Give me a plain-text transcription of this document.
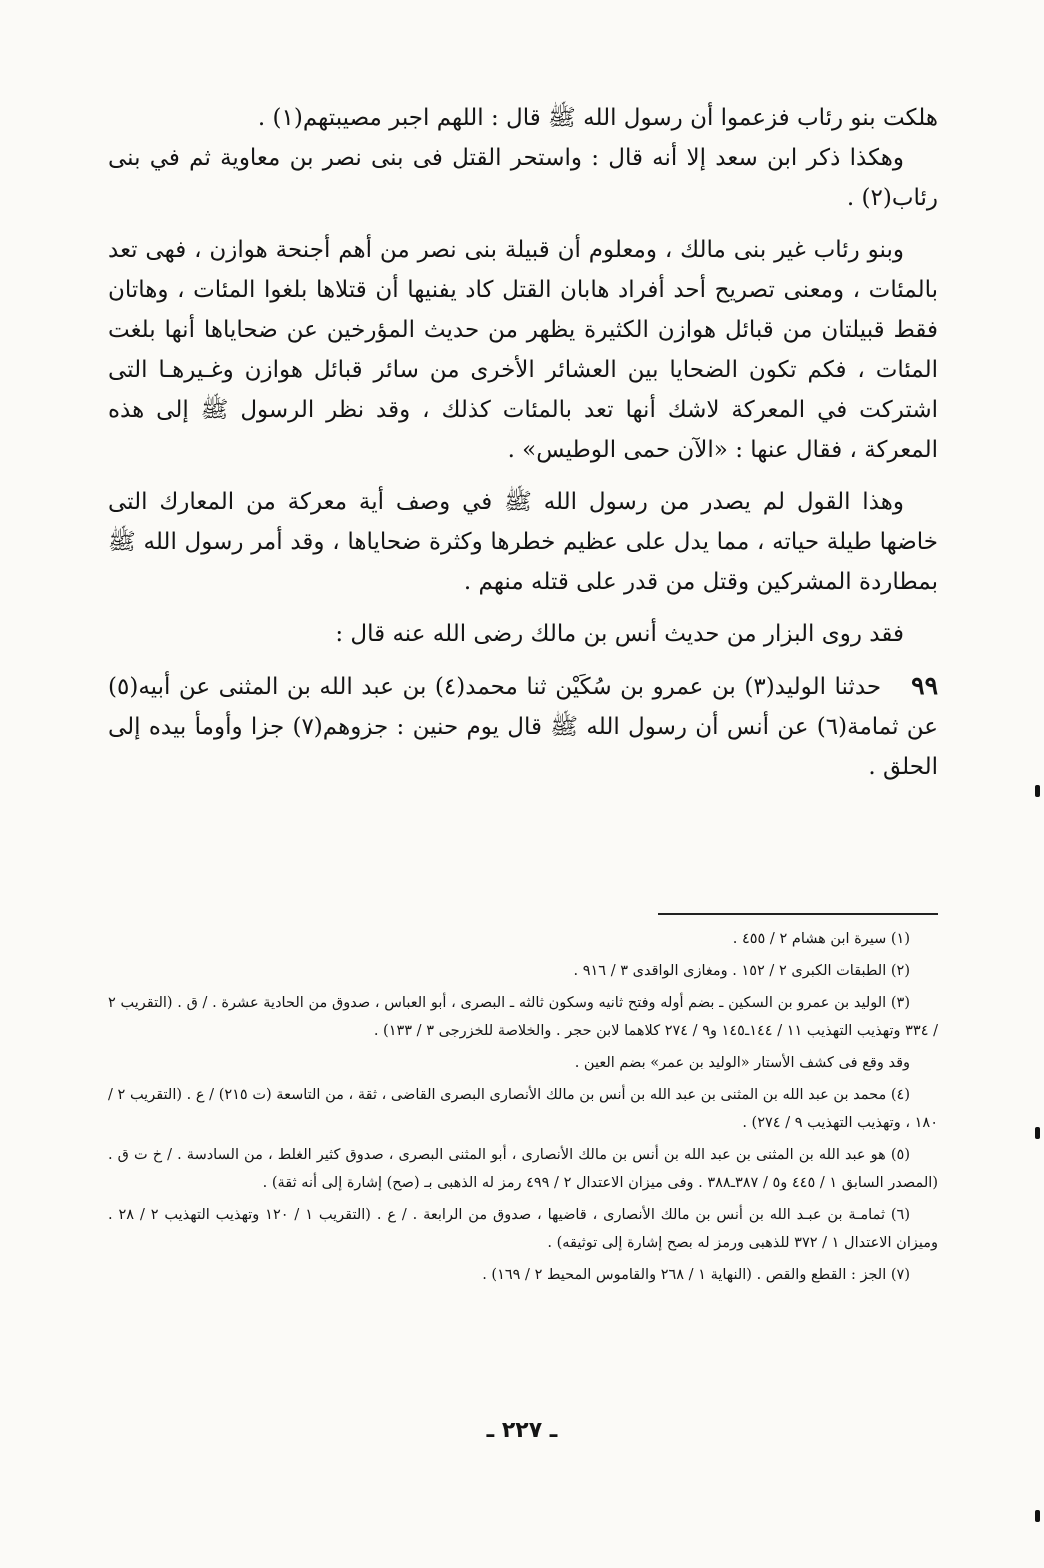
هلكت بنو رئاب فزعموا أن رسول الله ﷺ قال : اللهم اجبر مصيبتهم(١) .

وهكذا ذكر ابن سعد إلا أنه قال : واستحر القتل فى بنى نصر بن معاوية ثم في بنى رئاب(٢) .

وبنو رئاب غير بنى مالك ، ومعلوم أن قبيلة بنى نصر من أهم أجنحة هوازن ، فهى تعد بالمئات ، ومعنى تصريح أحد أفراد هابان القتل كاد يفنيها أن قتلاها بلغوا المئات ، وهاتان فقط قبيلتان من قبائل هوازن الكثيرة يظهر من حديث المؤرخين عن ضحاياها أنها بلغت المئات ، فكم تكون الضحايا بين العشائر الأخرى من سائر قبائل هوازن وغـيرهـا التى اشتركت في المعركة لاشك أنها تعد بالمئات كذلك ، وقد نظر الرسول ﷺ إلى هذه المعركة ، فقال عنها : «الآن حمى الوطيس» .

وهذا القول لم يصدر من رسول الله ﷺ في وصف أية معركة من المعارك التى خاضها طيلة حياته ، مما يدل على عظيم خطرها وكثرة ضحاياها ، وقد أمر رسول الله ﷺ بمطاردة المشركين وقتل من قدر على قتله منهم .

فقد روى البزار من حديث أنس بن مالك رضى الله عنه قال :

٩٩حدثنا الوليد(٣) بن عمرو بن سُكَيْن ثنا محمد(٤) بن عبد الله بن المثنى عن أبيه(٥) عن ثمامة(٦) عن أنس أن رسول الله ﷺ قال يوم حنين : جزوهم(٧) جزا وأومأ بيده إلى الحلق .

(١) سيرة ابن هشام ٢ / ٤٥٥ .

(٢) الطبقات الكبرى ٢ / ١٥٢ . ومغازى الواقدى ٣ / ٩١٦ .

(٣) الوليد بن عمرو بن السكين ـ بضم أوله وفتح ثانيه وسكون ثالثه ـ البصرى ، أبو العباس ، صدوق من الحادية عشرة . / ق . (التقريب ٢ / ٣٣٤ وتهذيب التهذيب ١١ / ١٤٤ـ١٤٥ و٩ / ٢٧٤ كلاهما لابن حجر . والخلاصة للخزرجى ٣ / ١٣٣) .

وقد وقع فى كشف الأستار «الوليد بن عمر» بضم العين .

(٤) محمد بن عبد الله بن المثنى بن عبد الله بن أنس بن مالك الأنصارى البصرى القاضى ، ثقة ، من التاسعة (ت ٢١٥) / ع . (التقريب ٢ / ١٨٠ ، وتهذيب التهذيب ٩ / ٢٧٤) .

(٥) هو عبد الله بن المثنى بن عبد الله بن أنس بن مالك الأنصارى ، أبو المثنى البصرى ، صدوق كثير الغلط ، من السادسة . / خ ت ق . (المصدر السابق ١ / ٤٤٥ و٥ / ٣٨٧ـ٣٨٨ . وفى ميزان الاعتدال ٢ / ٤٩٩ رمز له الذهبى بـ (صح) إشارة إلى أنه ثقة) .

(٦) ثمامـة بن عبـد الله بن أنس بن مالك الأنصارى ، قاضيها ، صدوق من الرابعة . / ع . (التقريب ١ / ١٢٠ وتهذيب التهذيب ٢ / ٢٨ . وميزان الاعتدال ١ / ٣٧٢ للذهبى ورمز له بصح إشارة إلى توثيقه) .

(٧) الجز : القطع والقص . (النهاية ١ / ٢٦٨ والقاموس المحيط ٢ / ١٦٩) .

ـ ٢٢٧ ـ
